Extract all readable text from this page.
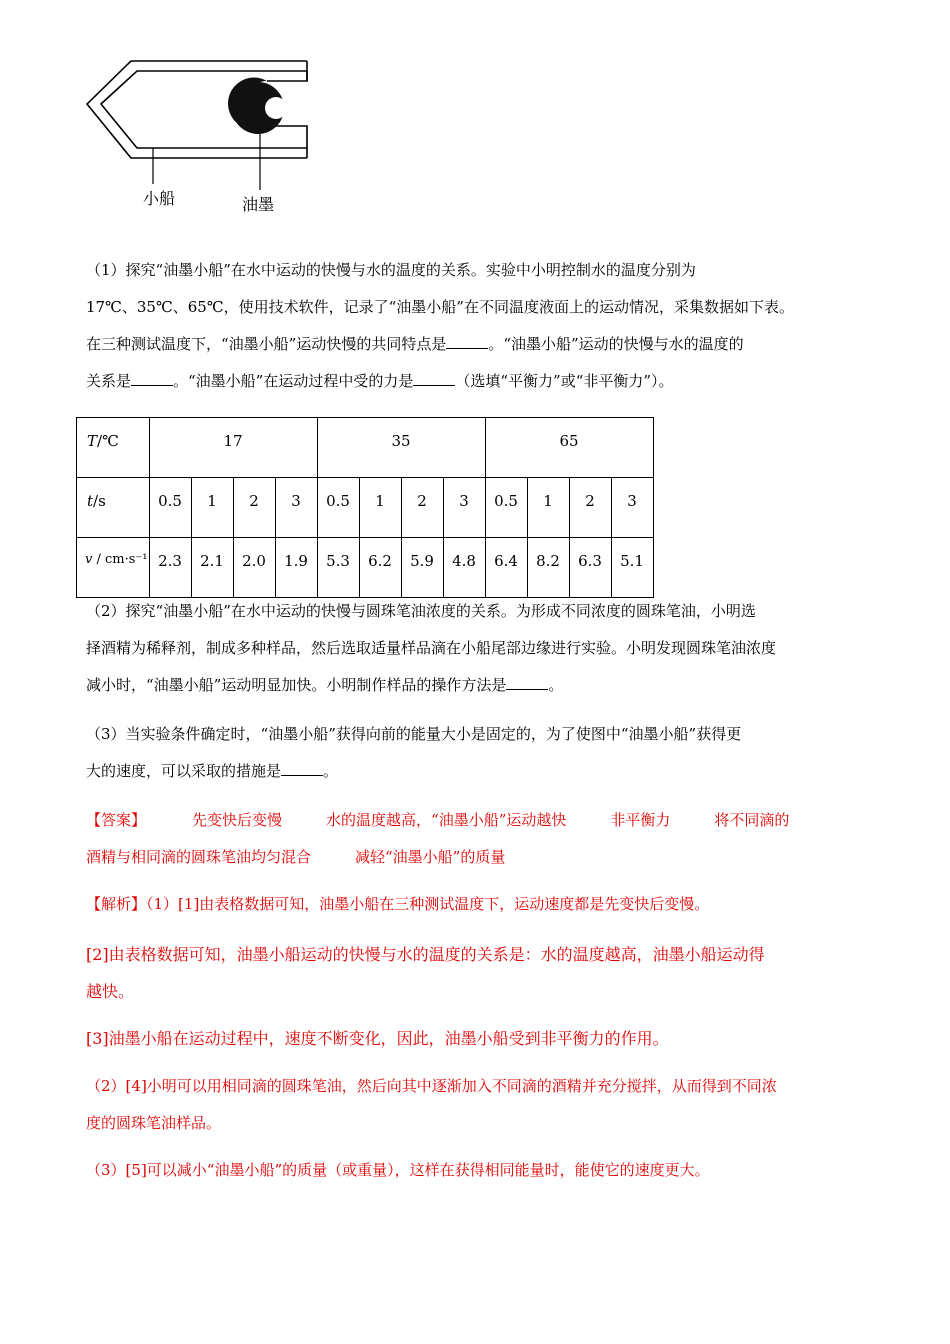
小船	油墨
（1）探究“油墨小船”在水中运动的快慢与水的温度的关系。实验中小明控制水的温度分别为
17℃、35℃、65℃，使用技术软件，记录了“油墨小船”在不同温度液面上的运动情况，采集数据如下表。
在三种测试温度下，“油墨小船”运动快慢的共同特点是	。“油墨小船”运动的快慢与水的温度的
关系是	。“油墨小船”在运动过程中受的力是	（选填“平衡力”或“非平衡力”）。
T/℃	17				35				65			
t/s	0.5	1	2	3	0.5	1	2	3	0.5	1	2	3
v / cm·s⁻¹	2.3	2.1	2.0	1.9	5.3	6.2	5.9	4.8	6.4	8.2	6.3	5.1
（2）探究“油墨小船”在水中运动的快慢与圆珠笔油浓度的关系。为形成不同浓度的圆珠笔油，小明选
择酒精为稀释剂，制成多种样品，然后选取适量样品滴在小船尾部边缘进行实验。小明发现圆珠笔油浓度
减小时，“油墨小船”运动明显加快。小明制作样品的操作方法是	。
（3）当实验条件确定时，“油墨小船”获得向前的能量大小是固定的，为了使图中“油墨小船”获得更
大的速度，可以采取的措施是	。
【答案】	先变快后变慢	水的温度越高，“油墨小船”运动越快	非平衡力	将不同滴的
酒精与相同滴的圆珠笔油均匀混合	减轻“油墨小船”的质量
【解析】（1）[1]由表格数据可知，油墨小船在三种测试温度下，运动速度都是先变快后变慢。
[2]由表格数据可知，油墨小船运动的快慢与水的温度的关系是：水的温度越高，油墨小船运动得
越快。
[3]油墨小船在运动过程中，速度不断变化，因此，油墨小船受到非平衡力的作用。
（2）[4]小明可以用相同滴的圆珠笔油，然后向其中逐渐加入不同滴的酒精并充分搅拌，从而得到不同浓
度的圆珠笔油样品。
（3）[5]可以减小“油墨小船”的质量（或重量），这样在获得相同能量时，能使它的速度更大。
